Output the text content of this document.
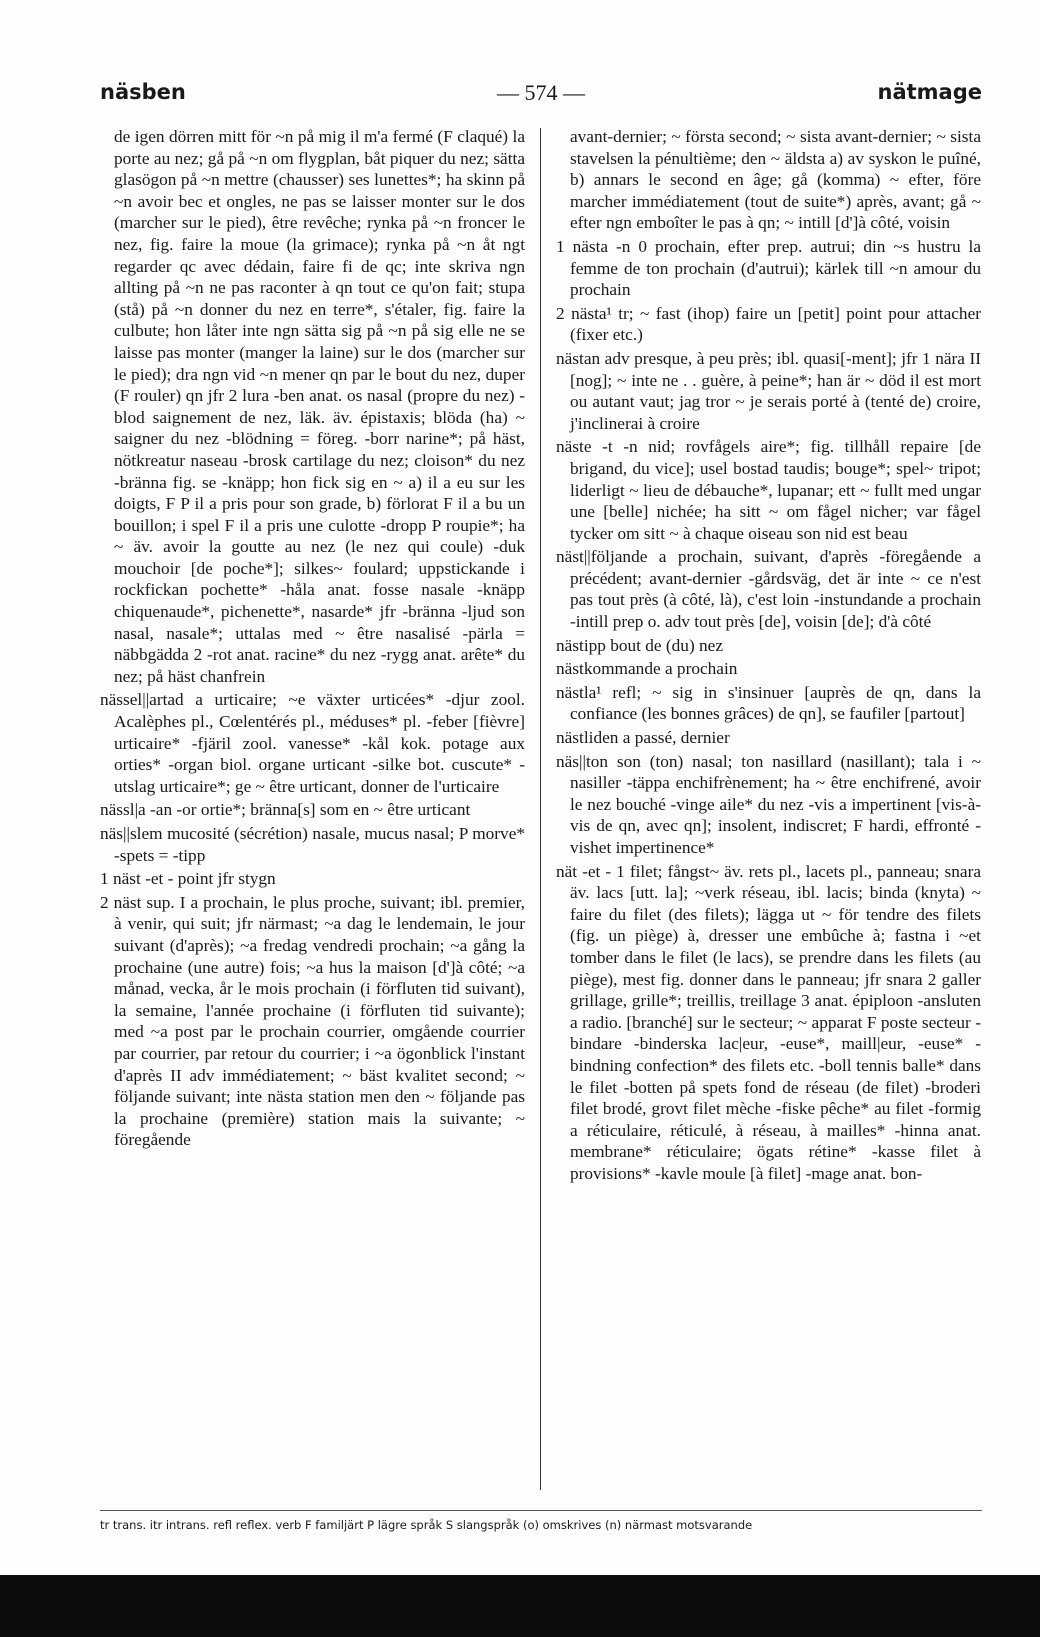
näsben	— 574 —	nätmage

de igen dörren mitt för ~n på mig il m'a fermé (F claqué) la porte au nez; gå på ~n om flygplan, båt piquer du nez; sätta glasögon på ~n mettre (chausser) ses lunettes*; ha skinn på ~n avoir bec et ongles, ne pas se laisser monter sur le dos (marcher sur le pied), être revêche; rynka på ~n froncer le nez, fig. faire la moue (la grimace); rynka på ~n åt ngt regarder qc avec dédain, faire fi de qc; inte skriva ngn allting på ~n ne pas raconter à qn tout ce qu'on fait; stupa (stå) på ~n donner du nez en terre*, s'étaler, fig. faire la culbute; hon låter inte ngn sätta sig på ~n på sig elle ne se laisse pas monter (manger la laine) sur le dos (marcher sur le pied); dra ngn vid ~n mener qn par le bout du nez, duper (F rouler) qn jfr 2 lura -ben anat. os nasal (propre du nez) -blod saignement de nez, läk. äv. épistaxis; blöda (ha) ~ saigner du nez -blödning = föreg. -borr narine*; på häst, nötkreatur naseau -brosk cartilage du nez; cloison* du nez -bränna fig. se -knäpp; hon fick sig en ~ a) il a eu sur les doigts, F P il a pris pour son grade, b) förlorat F il a bu un bouillon; i spel F il a pris une culotte -dropp P roupie*; ha ~ äv. avoir la goutte au nez (le nez qui coule) -duk mouchoir [de poche*]; silkes~ foulard; uppstickande i rockfickan pochette* -håla anat. fosse nasale -knäpp chiquenaude*, pichenette*, nasarde* jfr -bränna -ljud son nasal, nasale*; uttalas med ~ être nasalisé -pärla = näbbgädda 2 -rot anat. racine* du nez -rygg anat. arête* du nez; på häst chanfrein

nässel||artad a urticaire; ~e växter urticées* -djur zool. Acalèphes pl., Cœlentérés pl., méduses* pl. -feber [fièvre] urticaire* -fjäril zool. vanesse* -kål kok. potage aux orties* -organ biol. organe urticant -silke bot. cuscute* -utslag urticaire*; ge ~ être urticant, donner de l'urticaire

nässl|a -an -or ortie*; bränna[s] som en ~ être urticant

näs||slem mucosité (sécrétion) nasale, mucus nasal; P morve* -spets = -tipp

1 näst -et - point jfr stygn

2 näst sup. I a prochain, le plus proche, suivant; ibl. premier, à venir, qui suit; jfr närmast; ~a dag le lendemain, le jour suivant (d'après); ~a fredag vendredi prochain; ~a gång la prochaine (une autre) fois; ~a hus la maison [d']à côté; ~a månad, vecka, år le mois prochain (i förfluten tid suivant), la semaine, l'année prochaine (i förfluten tid suivante); med ~a post par le prochain courrier, omgående courrier par courrier, par retour du courrier; i ~a ögonblick l'instant d'après II adv immédiatement; ~ bäst kvalitet second; ~ följande suivant; inte nästa station men den ~ följande pas la prochaine (première) station mais la suivante; ~ föregående

avant-dernier; ~ första second; ~ sista avant-dernier; ~ sista stavelsen la pénultième; den ~ äldsta a) av syskon le puîné, b) annars le second en âge; gå (komma) ~ efter, före marcher immédiatement (tout de suite*) après, avant; gå ~ efter ngn emboîter le pas à qn; ~ intill [d']à côté, voisin

1 nästa -n 0 prochain, efter prep. autrui; din ~s hustru la femme de ton prochain (d'autrui); kärlek till ~n amour du prochain

2 nästa¹ tr; ~ fast (ihop) faire un [petit] point pour attacher (fixer etc.)

nästan adv presque, à peu près; ibl. quasi[-ment]; jfr 1 nära II [nog]; ~ inte ne . . guère, à peine*; han är ~ död il est mort ou autant vaut; jag tror ~ je serais porté à (tenté de) croire, j'inclinerai à croire

näste -t -n nid; rovfågels aire*; fig. tillhåll repaire [de brigand, du vice]; usel bostad taudis; bouge*; spel~ tripot; liderligt ~ lieu de débauche*, lupanar; ett ~ fullt med ungar une [belle] nichée; ha sitt ~ om fågel nicher; var fågel tycker om sitt ~ à chaque oiseau son nid est beau

näst||följande a prochain, suivant, d'après -föregående a précédent; avant-dernier -gårdsväg, det är inte ~ ce n'est pas tout près (à côté, là), c'est loin -instundande a prochain -intill prep o. adv tout près [de], voisin [de]; d'à côté

nästipp bout de (du) nez

nästkommande a prochain

nästla¹ refl; ~ sig in s'insinuer [auprès de qn, dans la confiance (les bonnes grâces) de qn], se faufiler [partout]

nästliden a passé, dernier

näs||ton son (ton) nasal; ton nasillard (nasillant); tala i ~ nasiller -täppa enchifrènement; ha ~ être enchifrené, avoir le nez bouché -vinge aile* du nez -vis a impertinent [vis-à-vis de qn, avec qn]; insolent, indiscret; F hardi, effronté -vishet impertinence*

nät -et - 1 filet; fångst~ äv. rets pl., lacets pl., panneau; snara äv. lacs [utt. la]; ~verk réseau, ibl. lacis; binda (knyta) ~ faire du filet (des filets); lägga ut ~ för tendre des filets (fig. un piège) à, dresser une embûche à; fastna i ~et tomber dans le filet (le lacs), se prendre dans les filets (au piège), mest fig. donner dans le panneau; jfr snara 2 galler grillage, grille*; treillis, treillage 3 anat. épiploon -ansluten a radio. [branché] sur le secteur; ~ apparat F poste secteur -bindare -binderska lac|eur, -euse*, maill|eur, -euse* -bindning confection* des filets etc. -boll tennis balle* dans le filet -botten på spets fond de réseau (de filet) -broderi filet brodé, grovt filet mèche -fiske pêche* au filet -formig a réticulaire, réticulé, à réseau, à mailles* -hinna anat. membrane* réticulaire; ögats rétine* -kasse filet à provisions* -kavle moule [à filet] -mage anat. bon-

tr trans. itr intrans. refl reflex. verb F familjärt P lägre språk S slangspråk (o) omskrives (n) närmast motsvarande
